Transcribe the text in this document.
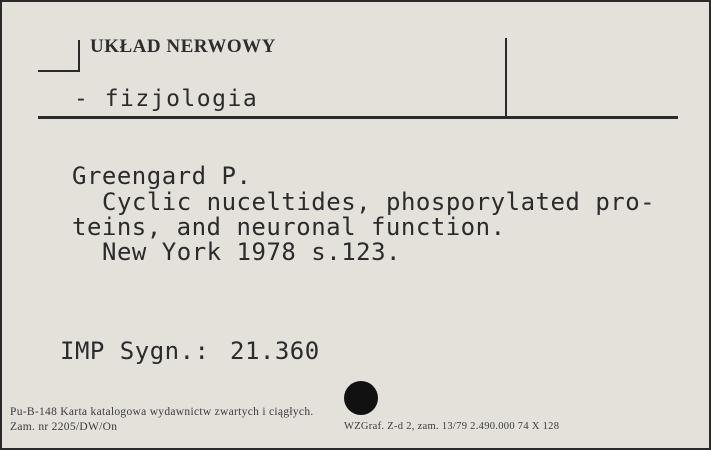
UKŁAD NERWOWY
- fizjologia
Greengard P.
Cyclic nuceltides, phosporylated pro-
teins, and neuronal function.
New York 1978 s.123.
IMP Sygn.: 21.360
Pu-B-148 Karta katalogowa wydawnictw zwartych i ciągłych.
Zam. nr 2205/DW/On	WZGraf. Z-d 2, zam. 13/79 2.490.000 74 X 128
